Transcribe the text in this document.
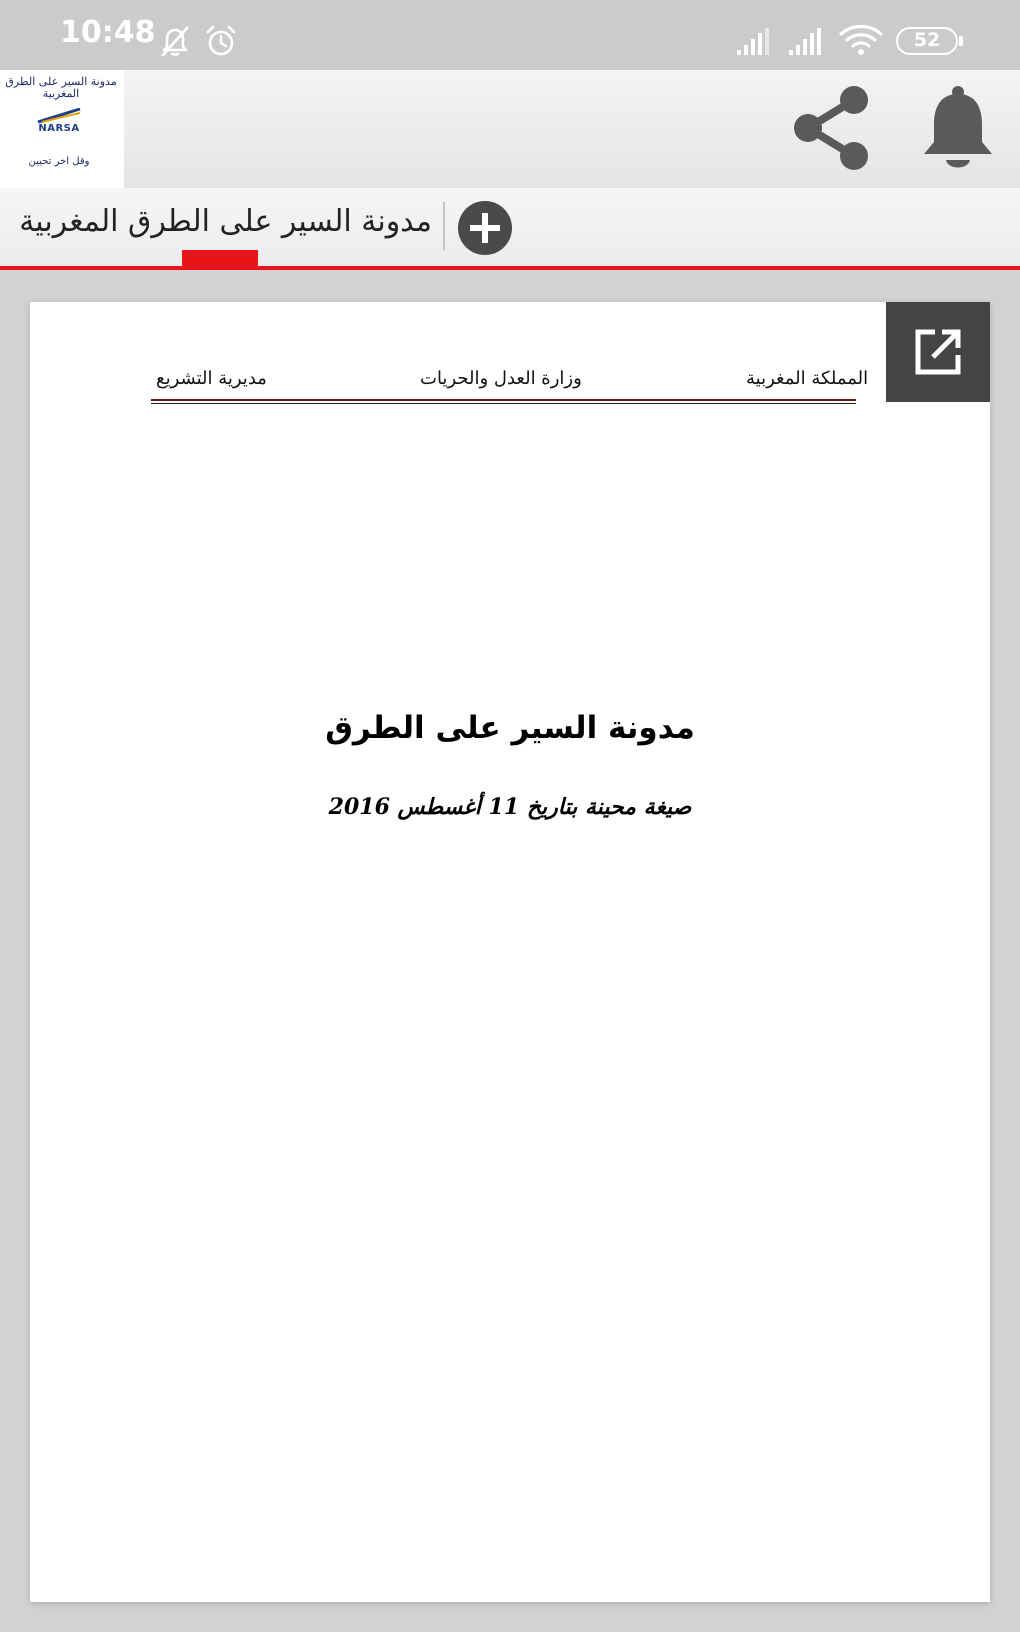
10:48	52
مدونة السير على الطرق المغربية
NARSA
وقل اخر تحيين
مدونة السير على الطرق المغربية
المملكة المغربية
وزارة العدل والحريات
مديرية التشريع
مدونة السير على الطرق
صيغة محينة بتاريخ 11 أغسطس 2016
